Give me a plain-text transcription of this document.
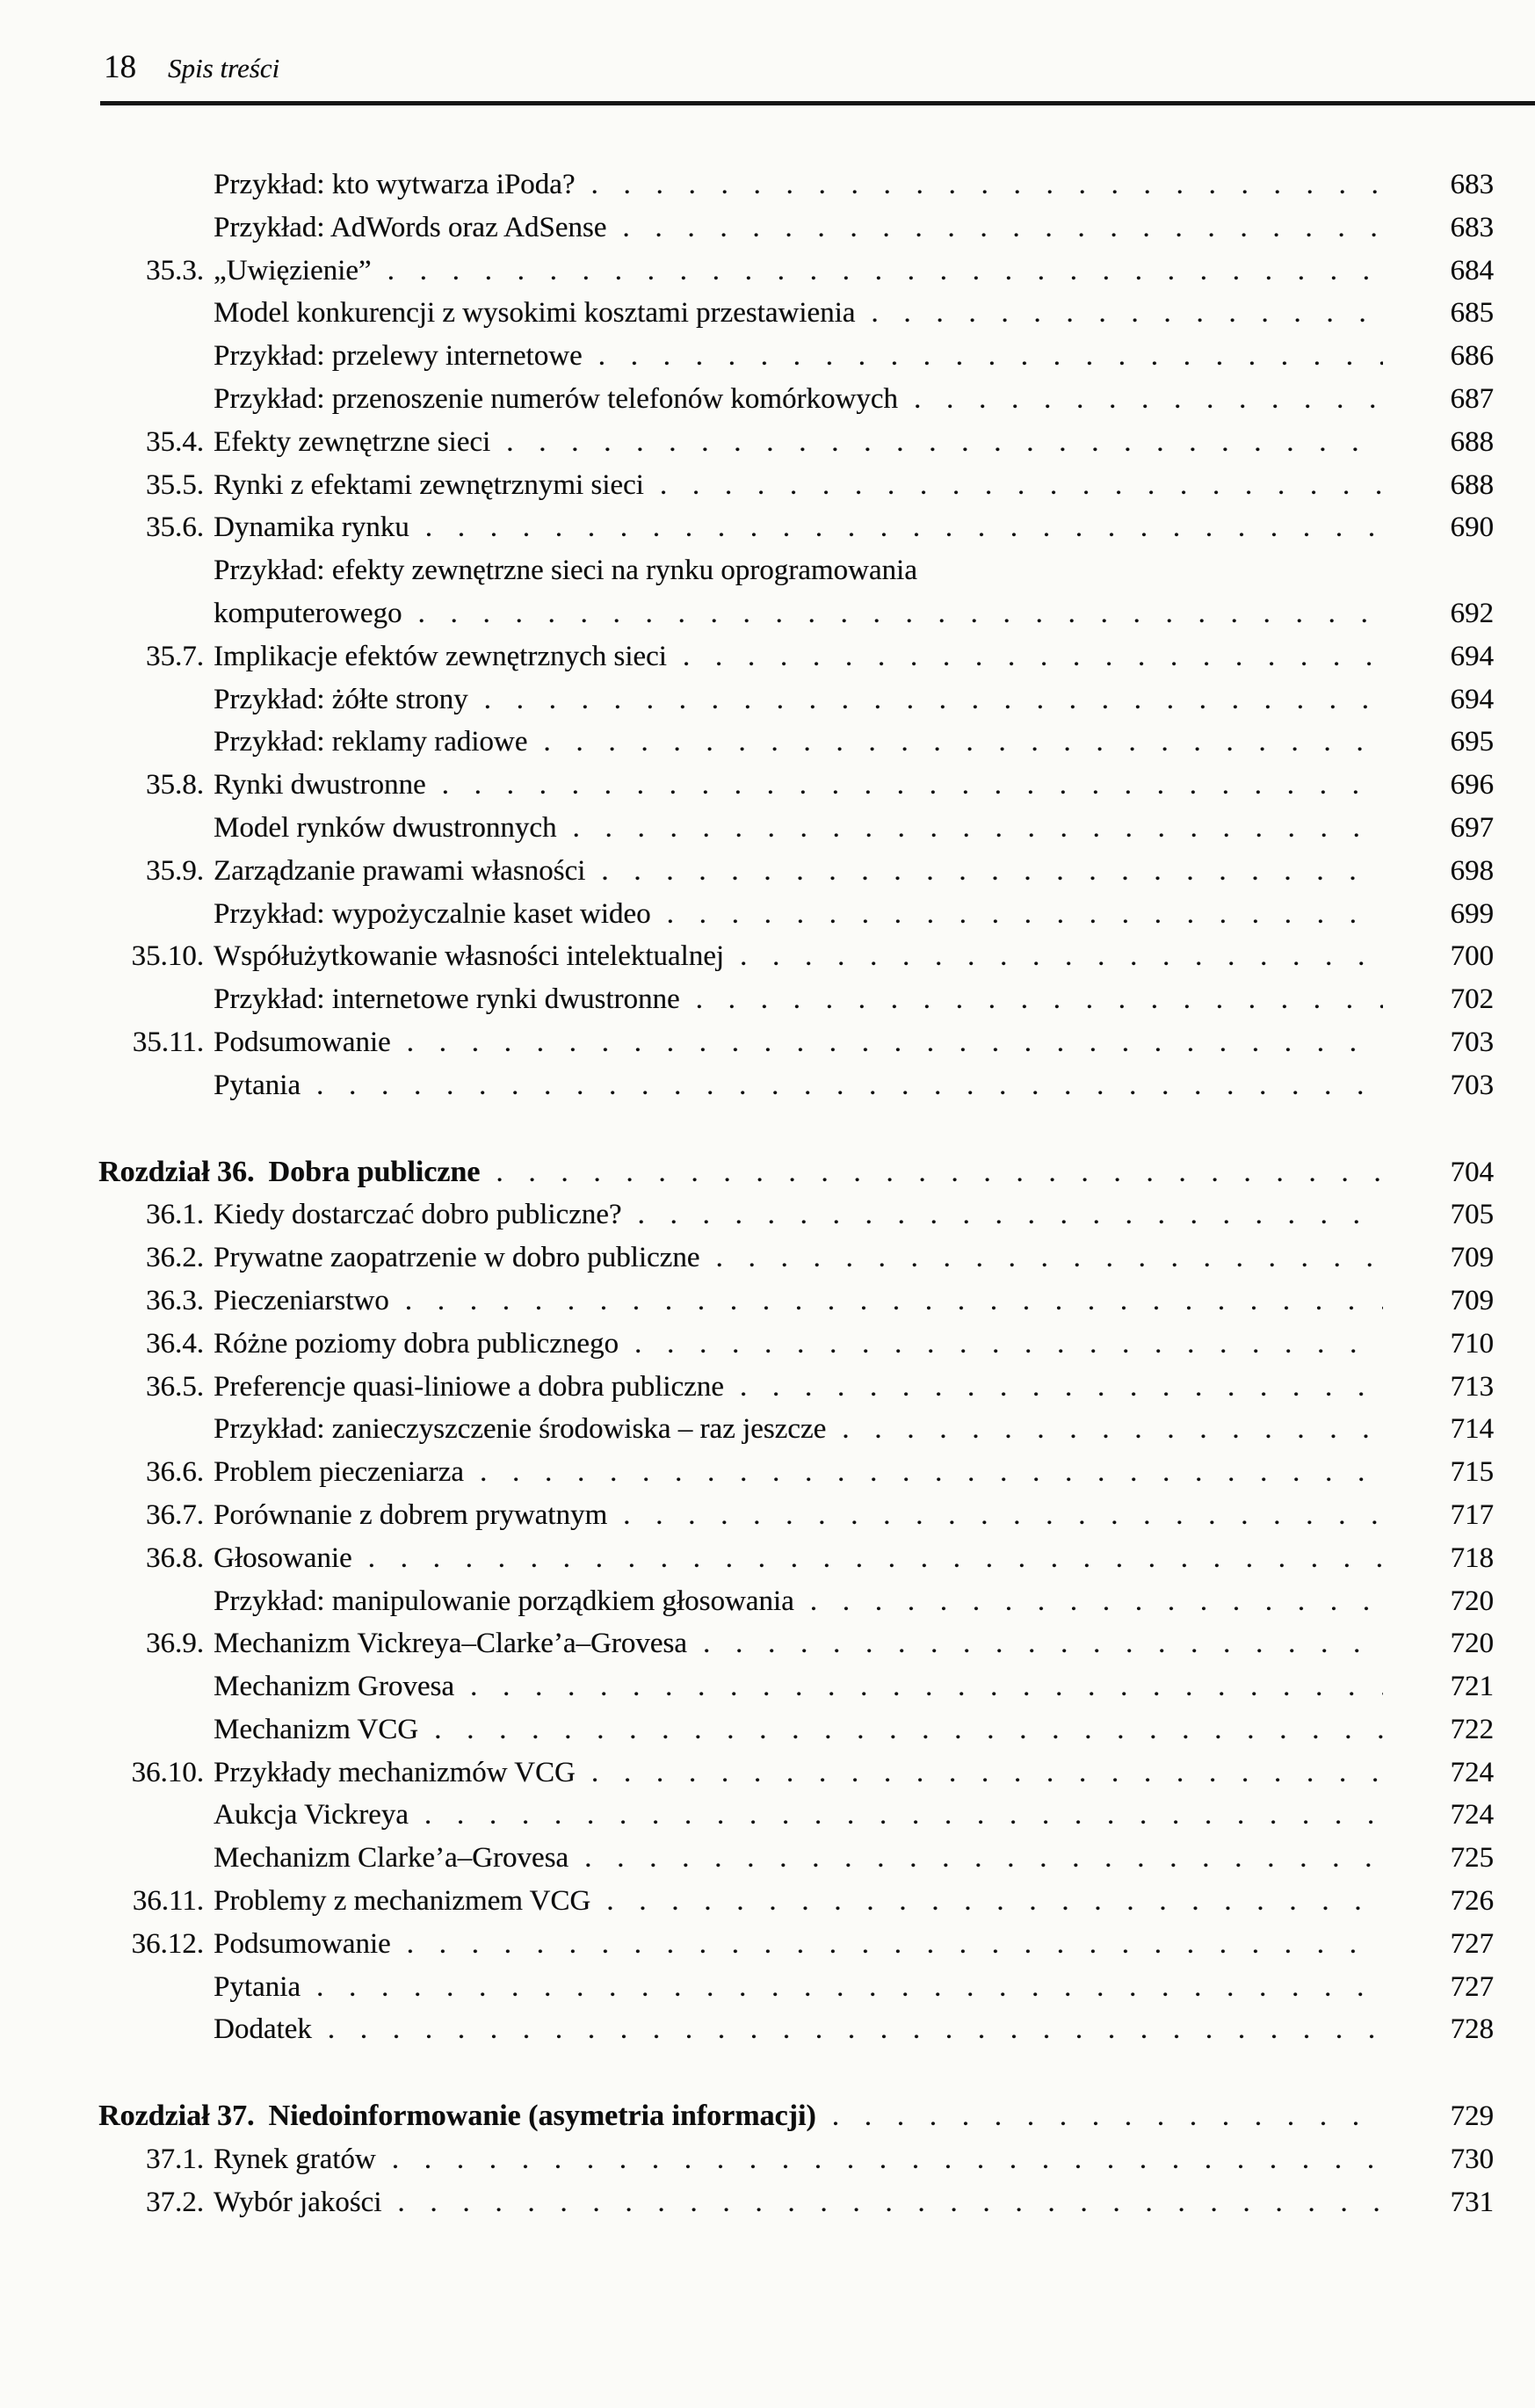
18 Spis treści
Przykład: kto wytwarza iPoda? . . .	683
Przykład: AdWords oraz AdSense . . .	683
35.3. „Uwięzienie” . . .	684
Model konkurencji z wysokimi kosztami przestawienia . . .	685
Przykład: przelewy internetowe . . .	686
Przykład: przenoszenie numerów telefonów komórkowych . . .	687
35.4. Efekty zewnętrzne sieci . . .	688
35.5. Rynki z efektami zewnętrznymi sieci . . .	688
35.6. Dynamika rynku . . .	690
Przykład: efekty zewnętrzne sieci na rynku oprogramowania
komputerowego . . .	692
35.7. Implikacje efektów zewnętrznych sieci . . .	694
Przykład: żółte strony . . .	694
Przykład: reklamy radiowe . . .	695
35.8. Rynki dwustronne . . .	696
Model rynków dwustronnych . . .	697
35.9. Zarządzanie prawami własności . . .	698
Przykład: wypożyczalnie kaset wideo . . .	699
35.10. Współużytkowanie własności intelektualnej . . .	700
Przykład: internetowe rynki dwustronne . . .	702
35.11. Podsumowanie . . .	703
Pytania . . .	703
Rozdział 36. Dobra publiczne . . .	704
36.1. Kiedy dostarczać dobro publiczne? . . .	705
36.2. Prywatne zaopatrzenie w dobro publiczne . . .	709
36.3. Pieczeniarstwo . . .	709
36.4. Różne poziomy dobra publicznego . . .	710
36.5. Preferencje quasi-liniowe a dobra publiczne . . .	713
Przykład: zanieczyszczenie środowiska – raz jeszcze . . .	714
36.6. Problem pieczeniarza . . .	715
36.7. Porównanie z dobrem prywatnym . . .	717
36.8. Głosowanie . . .	718
Przykład: manipulowanie porządkiem głosowania . . .	720
36.9. Mechanizm Vickreya–Clarke’a–Grovesa . . .	720
Mechanizm Grovesa . . .	721
Mechanizm VCG . . .	722
36.10. Przykłady mechanizmów VCG . . .	724
Aukcja Vickreya . . .	724
Mechanizm Clarke’a–Grovesa . . .	725
36.11. Problemy z mechanizmem VCG . . .	726
36.12. Podsumowanie . . .	727
Pytania . . .	727
Dodatek . . .	728
Rozdział 37. Niedoinformowanie (asymetria informacji) . . .	729
37.1. Rynek gratów . . .	730
37.2. Wybór jakości . . .	731
